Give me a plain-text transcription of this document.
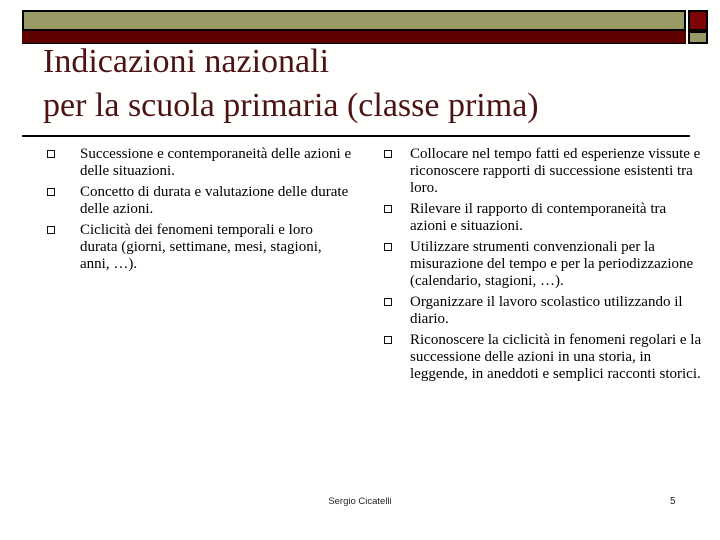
Indicazioni nazionali
per la scuola primaria (classe prima)
Successione e contemporaneità delle azioni e delle situazioni.
Concetto di durata e valutazione delle durate delle azioni.
Ciclicità dei fenomeni temporali e loro durata (giorni, settimane, mesi, stagioni, anni, …).
Collocare nel tempo fatti ed esperienze vissute e riconoscere rapporti di successione esistenti tra loro.
Rilevare il rapporto di contemporaneità tra azioni e situazioni.
Utilizzare strumenti convenzionali per la misurazione del tempo e per la periodizzazione (calendario, stagioni, …).
Organizzare il lavoro scolastico utilizzando il diario.
Riconoscere la ciclicità in fenomeni regolari e la successione delle azioni in una storia, in leggende, in aneddoti e semplici racconti storici.
Sergio Cicatelli	5
